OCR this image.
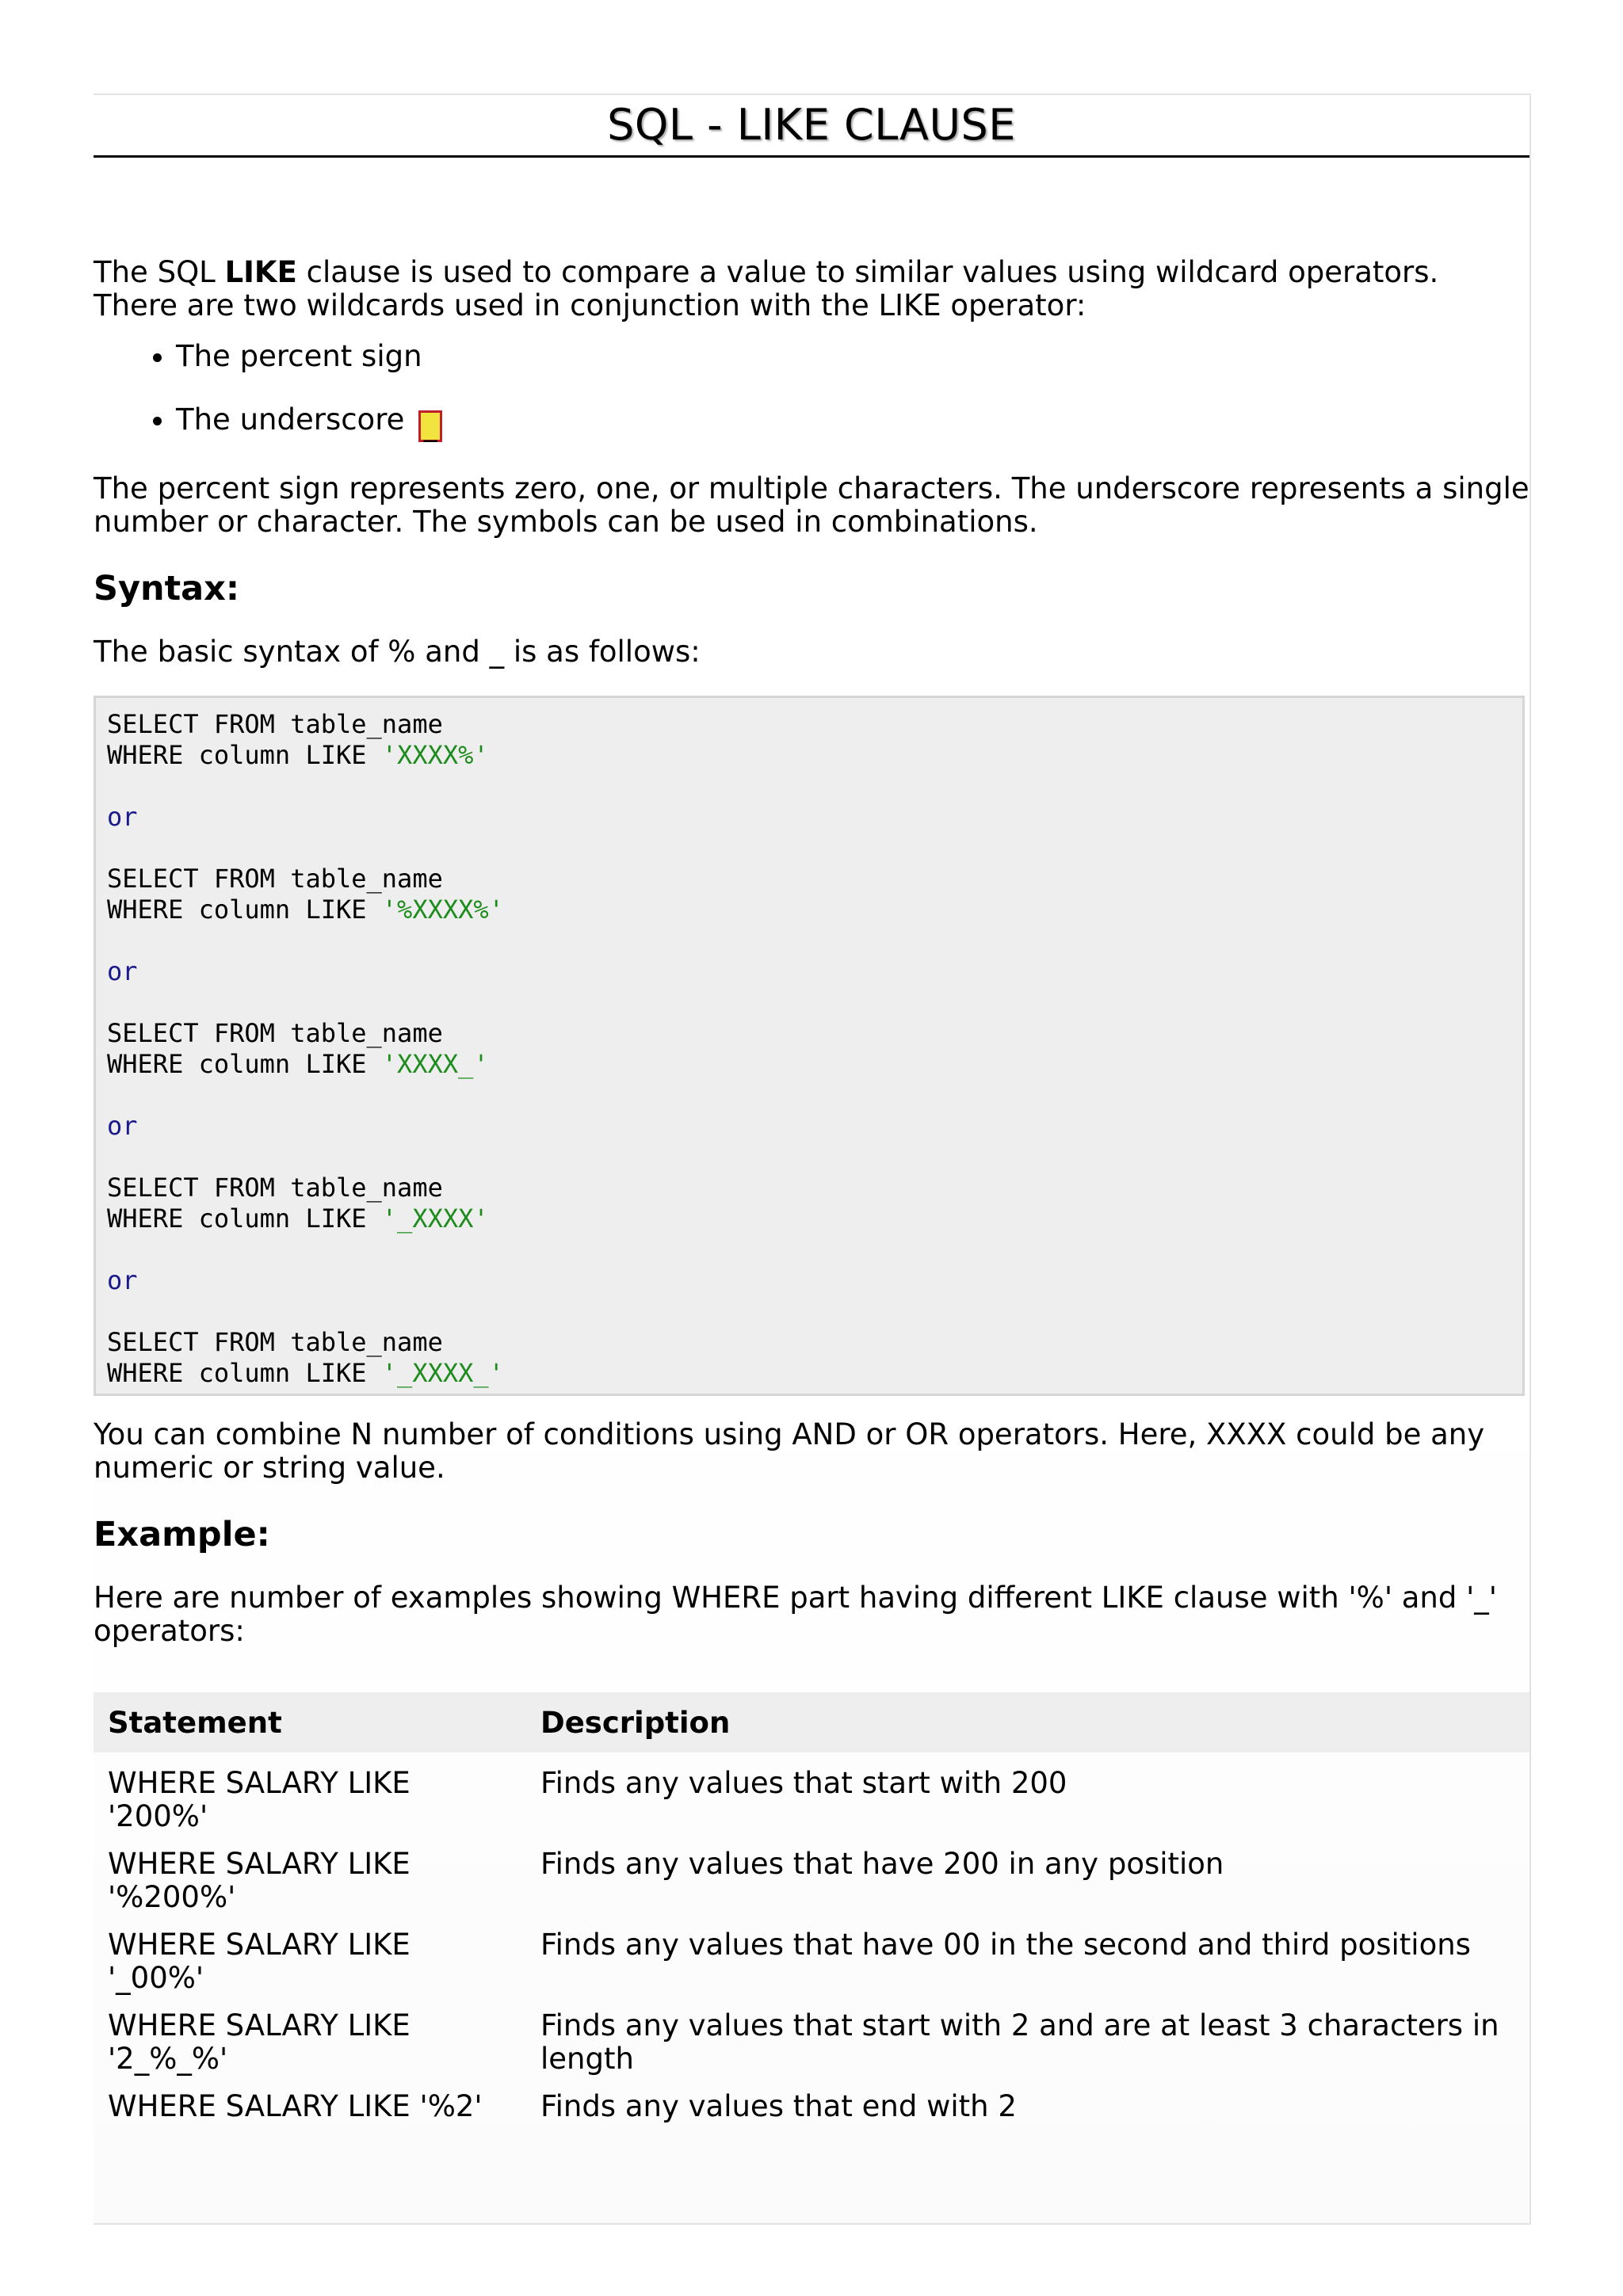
SQL - LIKE CLAUSE

The SQL LIKE clause is used to compare a value to similar values using wildcard operators. There are two wildcards used in conjunction with the LIKE operator:

• The percent sign
• The underscore _

The percent sign represents zero, one, or multiple characters. The underscore represents a single number or character. The symbols can be used in combinations.

Syntax:

The basic syntax of % and _ is as follows:

SELECT FROM table_name
WHERE column LIKE 'XXXX%'

or

SELECT FROM table_name
WHERE column LIKE '%XXXX%'

or

SELECT FROM table_name
WHERE column LIKE 'XXXX_'

or

SELECT FROM table_name
WHERE column LIKE '_XXXX'

or

SELECT FROM table_name
WHERE column LIKE '_XXXX_'

You can combine N number of conditions using AND or OR operators. Here, XXXX could be any numeric or string value.

Example:

Here are number of examples showing WHERE part having different LIKE clause with '%' and '_' operators:

Statement	Description

WHERE SALARY LIKE '200%'	Finds any values that start with 200

WHERE SALARY LIKE '%200%'	Finds any values that have 200 in any position

WHERE SALARY LIKE '_00%'	Finds any values that have 00 in the second and third positions

WHERE SALARY LIKE '2_%_%'	Finds any values that start with 2 and are at least 3 characters in length

WHERE SALARY LIKE '%2'	Finds any values that end with 2
